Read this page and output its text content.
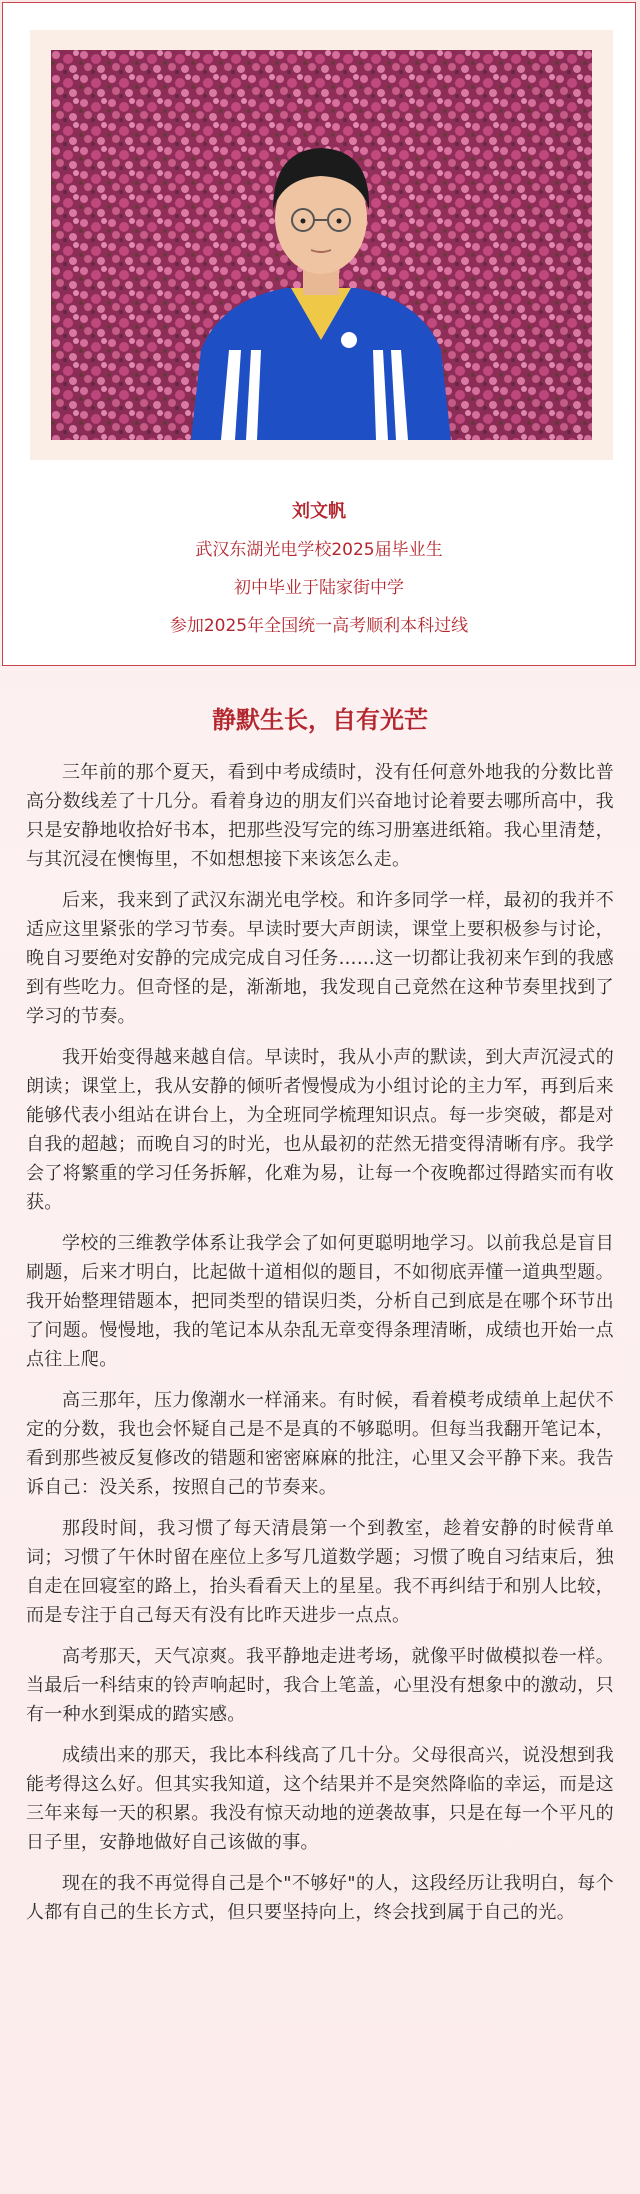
刘文帆
武汉东湖光电学校2025届毕业生
初中毕业于陆家街中学
参加2025年全国统一高考顺利本科过线
静默生长，自有光芒

三年前的那个夏天，看到中考成绩时，没有任何意外地我的分数比普高分数线差了十几分。看着身边的朋友们兴奋地讨论着要去哪所高中，我只是安静地收拾好书本，把那些没写完的练习册塞进纸箱。我心里清楚，与其沉浸在懊悔里，不如想想接下来该怎么走。

后来，我来到了武汉东湖光电学校。和许多同学一样，最初的我并不适应这里紧张的学习节奏。早读时要大声朗读，课堂上要积极参与讨论，晚自习要绝对安静的完成完成自习任务……这一切都让我初来乍到的我感到有些吃力。但奇怪的是，渐渐地，我发现自己竟然在这种节奏里找到了学习的节奏。

我开始变得越来越自信。早读时，我从小声的默读，到大声沉浸式的朗读；课堂上，我从安静的倾听者慢慢成为小组讨论的主力军，再到后来能够代表小组站在讲台上，为全班同学梳理知识点。每一步突破，都是对自我的超越；而晚自习的时光，也从最初的茫然无措变得清晰有序。我学会了将繁重的学习任务拆解，化难为易，让每一个夜晚都过得踏实而有收获。

学校的三维教学体系让我学会了如何更聪明地学习。以前我总是盲目刷题，后来才明白，比起做十道相似的题目，不如彻底弄懂一道典型题。我开始整理错题本，把同类型的错误归类，分析自己到底是在哪个环节出了问题。慢慢地，我的笔记本从杂乱无章变得条理清晰，成绩也开始一点点往上爬。

高三那年，压力像潮水一样涌来。有时候，看着模考成绩单上起伏不定的分数，我也会怀疑自己是不是真的不够聪明。但每当我翻开笔记本，看到那些被反复修改的错题和密密麻麻的批注，心里又会平静下来。我告诉自己：没关系，按照自己的节奏来。

那段时间，我习惯了每天清晨第一个到教室，趁着安静的时候背单词；习惯了午休时留在座位上多写几道数学题；习惯了晚自习结束后，独自走在回寝室的路上，抬头看看天上的星星。我不再纠结于和别人比较，而是专注于自己每天有没有比昨天进步一点点。

高考那天，天气凉爽。我平静地走进考场，就像平时做模拟卷一样。当最后一科结束的铃声响起时，我合上笔盖，心里没有想象中的激动，只有一种水到渠成的踏实感。

成绩出来的那天，我比本科线高了几十分。父母很高兴，说没想到我能考得这么好。但其实我知道，这个结果并不是突然降临的幸运，而是这三年来每一天的积累。我没有惊天动地的逆袭故事，只是在每一个平凡的日子里，安静地做好自己该做的事。

现在的我不再觉得自己是个"不够好"的人，这段经历让我明白，每个人都有自己的生长方式，但只要坚持向上，终会找到属于自己的光。
